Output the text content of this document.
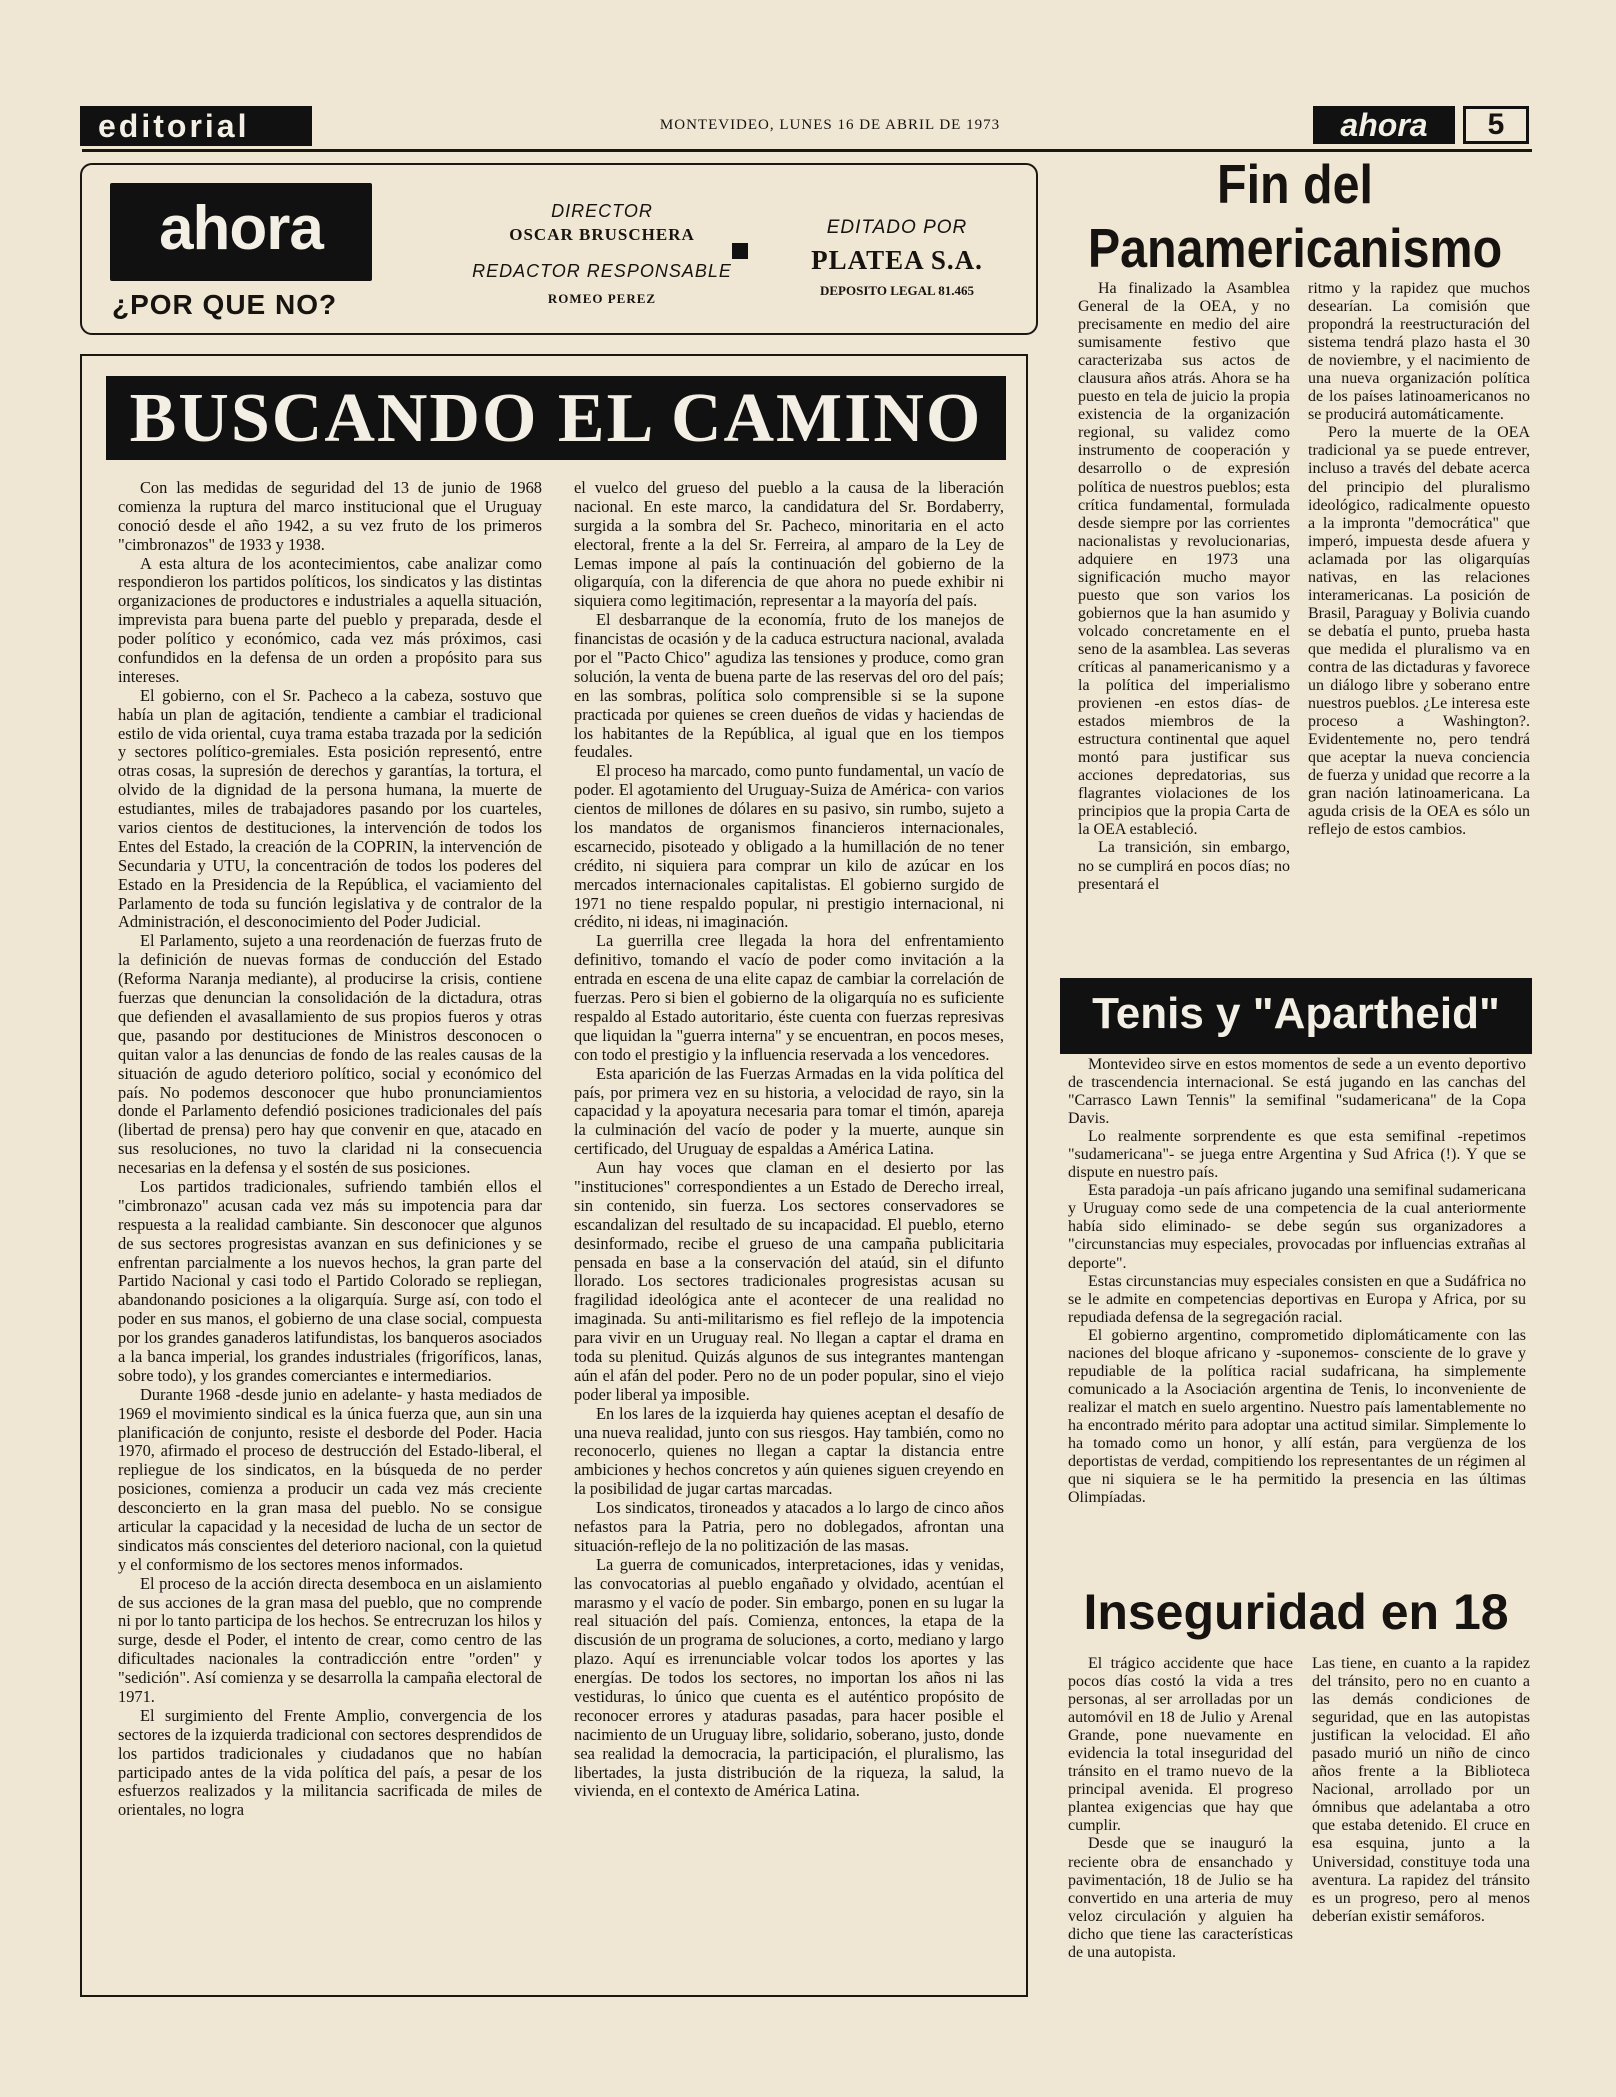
editorial	MONTEVIDEO, LUNES 16 DE ABRIL DE 1973	ahora	5
ahora
¿POR QUE NO?
DIRECTOR
OSCAR BRUSCHERA
REDACTOR RESPONSABLE
ROMEO PEREZ
EDITADO POR
PLATEA S.A.
DEPOSITO LEGAL 81.465
BUSCANDO EL CAMINO

Con las medidas de seguridad del 13 de junio de 1968 comienza la ruptura del marco institucional que el Uruguay conoció desde el año 1942, a su vez fruto de los primeros "cimbronazos" de 1933 y 1938.

A esta altura de los acontecimientos, cabe analizar como respondieron los partidos políticos, los sindicatos y las distintas organizaciones de productores e industriales a aquella situación, imprevista para buena parte del pueblo y preparada, desde el poder político y económico, cada vez más próximos, casi confundidos en la defensa de un orden a propósito para sus intereses.

El gobierno, con el Sr. Pacheco a la cabeza, sostuvo que había un plan de agitación, tendiente a cambiar el tradicional estilo de vida oriental, cuya trama estaba trazada por la sedición y sectores político-gremiales. Esta posición representó, entre otras cosas, la supresión de derechos y garantías, la tortura, el olvido de la dignidad de la persona humana, la muerte de estudiantes, miles de trabajadores pasando por los cuarteles, varios cientos de destituciones, la intervención de todos los Entes del Estado, la creación de la COPRIN, la intervención de Secundaria y UTU, la concentración de todos los poderes del Estado en la Presidencia de la República, el vaciamiento del Parlamento de toda su función legislativa y de contralor de la Administración, el desconocimiento del Poder Judicial.

El Parlamento, sujeto a una reordenación de fuerzas fruto de la definición de nuevas formas de conducción del Estado (Reforma Naranja mediante), al producirse la crisis, contiene fuerzas que denuncian la consolidación de la dictadura, otras que defienden el avasallamiento de sus propios fueros y otras que, pasando por destituciones de Ministros desconocen o quitan valor a las denuncias de fondo de las reales causas de la situación de agudo deterioro político, social y económico del país. No podemos desconocer que hubo pronunciamientos donde el Parlamento defendió posiciones tradicionales del país (libertad de prensa) pero hay que convenir en que, atacado en sus resoluciones, no tuvo la claridad ni la consecuencia necesarias en la defensa y el sostén de sus posiciones.

Los partidos tradicionales, sufriendo también ellos el "cimbronazo" acusan cada vez más su impotencia para dar respuesta a la realidad cambiante. Sin desconocer que algunos de sus sectores progresistas avanzan en sus definiciones y se enfrentan parcialmente a los nuevos hechos, la gran parte del Partido Nacional y casi todo el Partido Colorado se repliegan, abandonando posiciones a la oligarquía. Surge así, con todo el poder en sus manos, el gobierno de una clase social, compuesta por los grandes ganaderos latifundistas, los banqueros asociados a la banca imperial, los grandes industriales (frigoríficos, lanas, sobre todo), y los grandes comerciantes e intermediarios.

Durante 1968 -desde junio en adelante- y hasta mediados de 1969 el movimiento sindical es la única fuerza que, aun sin una planificación de conjunto, resiste el desborde del Poder. Hacia 1970, afirmado el proceso de destrucción del Estado-liberal, el repliegue de los sindicatos, en la búsqueda de no perder posiciones, comienza a producir un cada vez más creciente desconcierto en la gran masa del pueblo. No se consigue articular la capacidad y la necesidad de lucha de un sector de sindicatos más conscientes del deterioro nacional, con la quietud y el conformismo de los sectores menos informados.

El proceso de la acción directa desemboca en un aislamiento de sus acciones de la gran masa del pueblo, que no comprende ni por lo tanto participa de los hechos. Se entrecruzan los hilos y surge, desde el Poder, el intento de crear, como centro de las dificultades nacionales la contradicción entre "orden" y "sedición". Así comienza y se desarrolla la campaña electoral de 1971.

El surgimiento del Frente Amplio, convergencia de los sectores de la izquierda tradicional con sectores desprendidos de los partidos tradicionales y ciudadanos que no habían participado antes de la vida política del país, a pesar de los esfuerzos realizados y la militancia sacrificada de miles de orientales, no logra

el vuelco del grueso del pueblo a la causa de la liberación nacional. En este marco, la candidatura del Sr. Bordaberry, surgida a la sombra del Sr. Pacheco, minoritaria en el acto electoral, frente a la del Sr. Ferreira, al amparo de la Ley de Lemas impone al país la continuación del gobierno de la oligarquía, con la diferencia de que ahora no puede exhibir ni siquiera como legitimación, representar a la mayoría del país.

El desbarranque de la economía, fruto de los manejos de financistas de ocasión y de la caduca estructura nacional, avalada por el "Pacto Chico" agudiza las tensiones y produce, como gran solución, la venta de buena parte de las reservas del oro del país; en las sombras, política solo comprensible si se la supone practicada por quienes se creen dueños de vidas y haciendas de los habitantes de la República, al igual que en los tiempos feudales.

El proceso ha marcado, como punto fundamental, un vacío de poder. El agotamiento del Uruguay-Suiza de América- con varios cientos de millones de dólares en su pasivo, sin rumbo, sujeto a los mandatos de organismos financieros internacionales, escarnecido, pisoteado y obligado a la humillación de no tener crédito, ni siquiera para comprar un kilo de azúcar en los mercados internacionales capitalistas. El gobierno surgido de 1971 no tiene respaldo popular, ni prestigio internacional, ni crédito, ni ideas, ni imaginación.

La guerrilla cree llegada la hora del enfrentamiento definitivo, tomando el vacío de poder como invitación a la entrada en escena de una elite capaz de cambiar la correlación de fuerzas. Pero si bien el gobierno de la oligarquía no es suficiente respaldo al Estado autoritario, éste cuenta con fuerzas represivas que liquidan la "guerra interna" y se encuentran, en pocos meses, con todo el prestigio y la influencia reservada a los vencedores.

Esta aparición de las Fuerzas Armadas en la vida política del país, por primera vez en su historia, a velocidad de rayo, sin la capacidad y la apoyatura necesaria para tomar el timón, apareja la culminación del vacío de poder y la muerte, aunque sin certificado, del Uruguay de espaldas a América Latina.

Aun hay voces que claman en el desierto por las "instituciones" correspondientes a un Estado de Derecho irreal, sin contenido, sin fuerza. Los sectores conservadores se escandalizan del resultado de su incapacidad. El pueblo, eterno desinformado, recibe el grueso de una campaña publicitaria pensada en base a la conservación del ataúd, sin el difunto llorado. Los sectores tradicionales progresistas acusan su fragilidad ideológica ante el acontecer de una realidad no imaginada. Su anti-militarismo es fiel reflejo de la impotencia para vivir en un Uruguay real. No llegan a captar el drama en toda su plenitud. Quizás algunos de sus integrantes mantengan aún el afán del poder. Pero no de un poder popular, sino el viejo poder liberal ya imposible.

En los lares de la izquierda hay quienes aceptan el desafío de una nueva realidad, junto con sus riesgos. Hay también, como no reconocerlo, quienes no llegan a captar la distancia entre ambiciones y hechos concretos y aún quienes siguen creyendo en la posibilidad de jugar cartas marcadas.

Los sindicatos, tironeados y atacados a lo largo de cinco años nefastos para la Patria, pero no doblegados, afrontan una situación-reflejo de la no politización de las masas.

La guerra de comunicados, interpretaciones, idas y venidas, las convocatorias al pueblo engañado y olvidado, acentúan el marasmo y el vacío de poder. Sin embargo, ponen en su lugar la real situación del país. Comienza, entonces, la etapa de la discusión de un programa de soluciones, a corto, mediano y largo plazo. Aquí es irrenunciable volcar todos los aportes y las energías. De todos los sectores, no importan los años ni las vestiduras, lo único que cuenta es el auténtico propósito de reconocer errores y ataduras pasadas, para hacer posible el nacimiento de un Uruguay libre, solidario, soberano, justo, donde sea realidad la democracia, la participación, el pluralismo, las libertades, la justa distribución de la riqueza, la salud, la vivienda, en el contexto de América Latina.

Fin del Panamericanismo

Ha finalizado la Asamblea General de la OEA, y no precisamente en medio del aire sumisamente festivo que caracterizaba sus actos de clausura años atrás. Ahora se ha puesto en tela de juicio la propia existencia de la organización regional, su validez como instrumento de cooperación y desarrollo o de expresión política de nuestros pueblos; esta crítica fundamental, formulada desde siempre por las corrientes nacionalistas y revolucionarias, adquiere en 1973 una significación mucho mayor puesto que son varios los gobiernos que la han asumido y volcado concretamente en el seno de la asamblea. Las severas críticas al panamericanismo y a la política del imperialismo provienen -en estos días- de estados miembros de la estructura continental que aquel montó para justificar sus acciones depredatorias, sus flagrantes violaciones de los principios que la propia Carta de la OEA estableció.

La transición, sin embargo, no se cumplirá en pocos días; no presentará el

ritmo y la rapidez que muchos desearían. La comisión que propondrá la reestructuración del sistema tendrá plazo hasta el 30 de noviembre, y el nacimiento de una nueva organización política de los países latinoamericanos no se producirá automáticamente.

Pero la muerte de la OEA tradicional ya se puede entrever, incluso a través del debate acerca del principio del pluralismo ideológico, radicalmente opuesto a la impronta "democrática" que imperó, impuesta desde afuera y aclamada por las oligarquías nativas, en las relaciones interamericanas. La posición de Brasil, Paraguay y Bolivia cuando se debatía el punto, prueba hasta que medida el pluralismo va en contra de las dictaduras y favorece un diálogo libre y soberano entre nuestros pueblos. ¿Le interesa este proceso a Washington?. Evidentemente no, pero tendrá que aceptar la nueva conciencia de fuerza y unidad que recorre a la gran nación latinoamericana. La aguda crisis de la OEA es sólo un reflejo de estos cambios.

Tenis y "Apartheid"

Montevideo sirve en estos momentos de sede a un evento deportivo de trascendencia internacional. Se está jugando en las canchas del "Carrasco Lawn Tennis" la semifinal "sudamericana" de la Copa Davis.

Lo realmente sorprendente es que esta semifinal -repetimos "sudamericana"- se juega entre Argentina y Sud Africa (!). Y que se dispute en nuestro país.

Esta paradoja -un país africano jugando una semifinal sudamericana y Uruguay como sede de una competencia de la cual anteriormente había sido eliminado- se debe según sus organizadores a "circunstancias muy especiales, provocadas por influencias extrañas al deporte".

Estas circunstancias muy especiales consisten en que a Sudáfrica no se le admite en competencias deportivas en Europa y Africa, por su repudiada defensa de la segregación racial.

El gobierno argentino, comprometido diplomáticamente con las naciones del bloque africano y -suponemos- consciente de lo grave y repudiable de la política racial sudafricana, ha simplemente comunicado a la Asociación argentina de Tenis, lo inconveniente de realizar el match en suelo argentino. Nuestro país lamentablemente no ha encontrado mérito para adoptar una actitud similar. Simplemente lo ha tomado como un honor, y allí están, para vergüenza de los deportistas de verdad, compitiendo los representantes de un régimen al que ni siquiera se le ha permitido la presencia en las últimas Olimpíadas.

Inseguridad en 18

El trágico accidente que hace pocos días costó la vida a tres personas, al ser arrolladas por un automóvil en 18 de Julio y Arenal Grande, pone nuevamente en evidencia la total inseguridad del tránsito en el tramo nuevo de la principal avenida. El progreso plantea exigencias que hay que cumplir.

Desde que se inauguró la reciente obra de ensanchado y pavimentación, 18 de Julio se ha convertido en una arteria de muy veloz circulación y alguien ha dicho que tiene las características de una autopista.

Las tiene, en cuanto a la rapidez del tránsito, pero no en cuanto a las demás condiciones de seguridad, que en las autopistas justifican la velocidad. El año pasado murió un niño de cinco años frente a la Biblioteca Nacional, arrollado por un ómnibus que adelantaba a otro que estaba detenido. El cruce en esa esquina, junto a la Universidad, constituye toda una aventura. La rapidez del tránsito es un progreso, pero al menos deberían existir semáforos.
